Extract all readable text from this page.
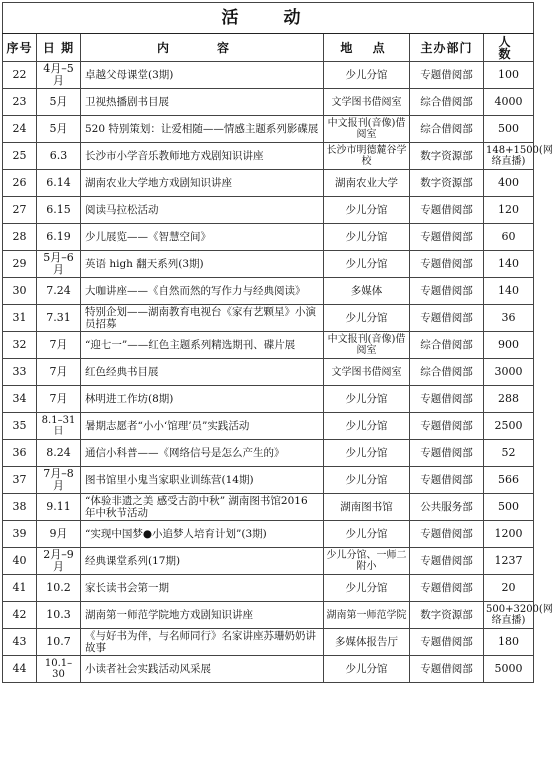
活　动					
序号	日 期	内　容	地 点	主办部门	人 数
22	4月–5月	卓越父母课堂(3期)	少儿分馆	专题借阅部	100
23	5月	卫视热播剧书目展	文学图书借阅室	综合借阅部	4000
24	5月	520 特别策划：让爱相随——情感主题系列影碟展	中文报刊(音像)借阅室	综合借阅部	500
25	6.3	长沙市小学音乐教师地方戏剧知识讲座	长沙市明德麓谷学校	数字资源部	148+1500(网络直播)
26	6.14	湖南农业大学地方戏剧知识讲座	湖南农业大学	数字资源部	400
27	6.15	阅读马拉松活动	少儿分馆	专题借阅部	120
28	6.19	少儿展览——《智慧空间》	少儿分馆	专题借阅部	60
29	5月–6月	英语 high 翻天系列(3期)	少儿分馆	专题借阅部	140
30	7.24	大咖讲座——《自然而然的写作力与经典阅读》	多媒体	专题借阅部	140
31	7.31	特别企划——湖南教育电视台《家有艺颗星》小演员招募	少儿分馆	专题借阅部	36
32	7月	“迎七一”——红色主题系列精选期刊、碟片展	中文报刊(音像)借阅室	综合借阅部	900
33	7月	红色经典书目展	文学图书借阅室	综合借阅部	3000
34	7月	林明进工作坊(8期)	少儿分馆	专题借阅部	288
35	8.1–31日	暑期志愿者“小小‘馆理’员”实践活动	少儿分馆	专题借阅部	2500
36	8.24	通信小科普——《网络信号是怎么产生的》	少儿分馆	专题借阅部	52
37	7月–8月	图书馆里小鬼当家职业训练营(14期)	少儿分馆	专题借阅部	566
38	9.11	“体验非遗之美 感受古韵中秋” 湖南图书馆2016 年中秋节活动	湖南图书馆	公共服务部	500
39	9月	“实现中国梦●小追梦人培育计划”(3期)	少儿分馆	专题借阅部	1200
40	2月–9月	经典课堂系列(17期)	少儿分馆、一师二附小	专题借阅部	1237
41	10.2	家长读书会第一期	少儿分馆	专题借阅部	20
42	10.3	湖南第一师范学院地方戏剧知识讲座	湖南第一师范学院	数字资源部	500+3200(网络直播)
43	10.7	《与好书为伴，与名师同行》名家讲座苏珊奶奶讲故事	多媒体报告厅	专题借阅部	180
44	10.1–30	小读者社会实践活动风采展	少儿分馆	专题借阅部	5000
